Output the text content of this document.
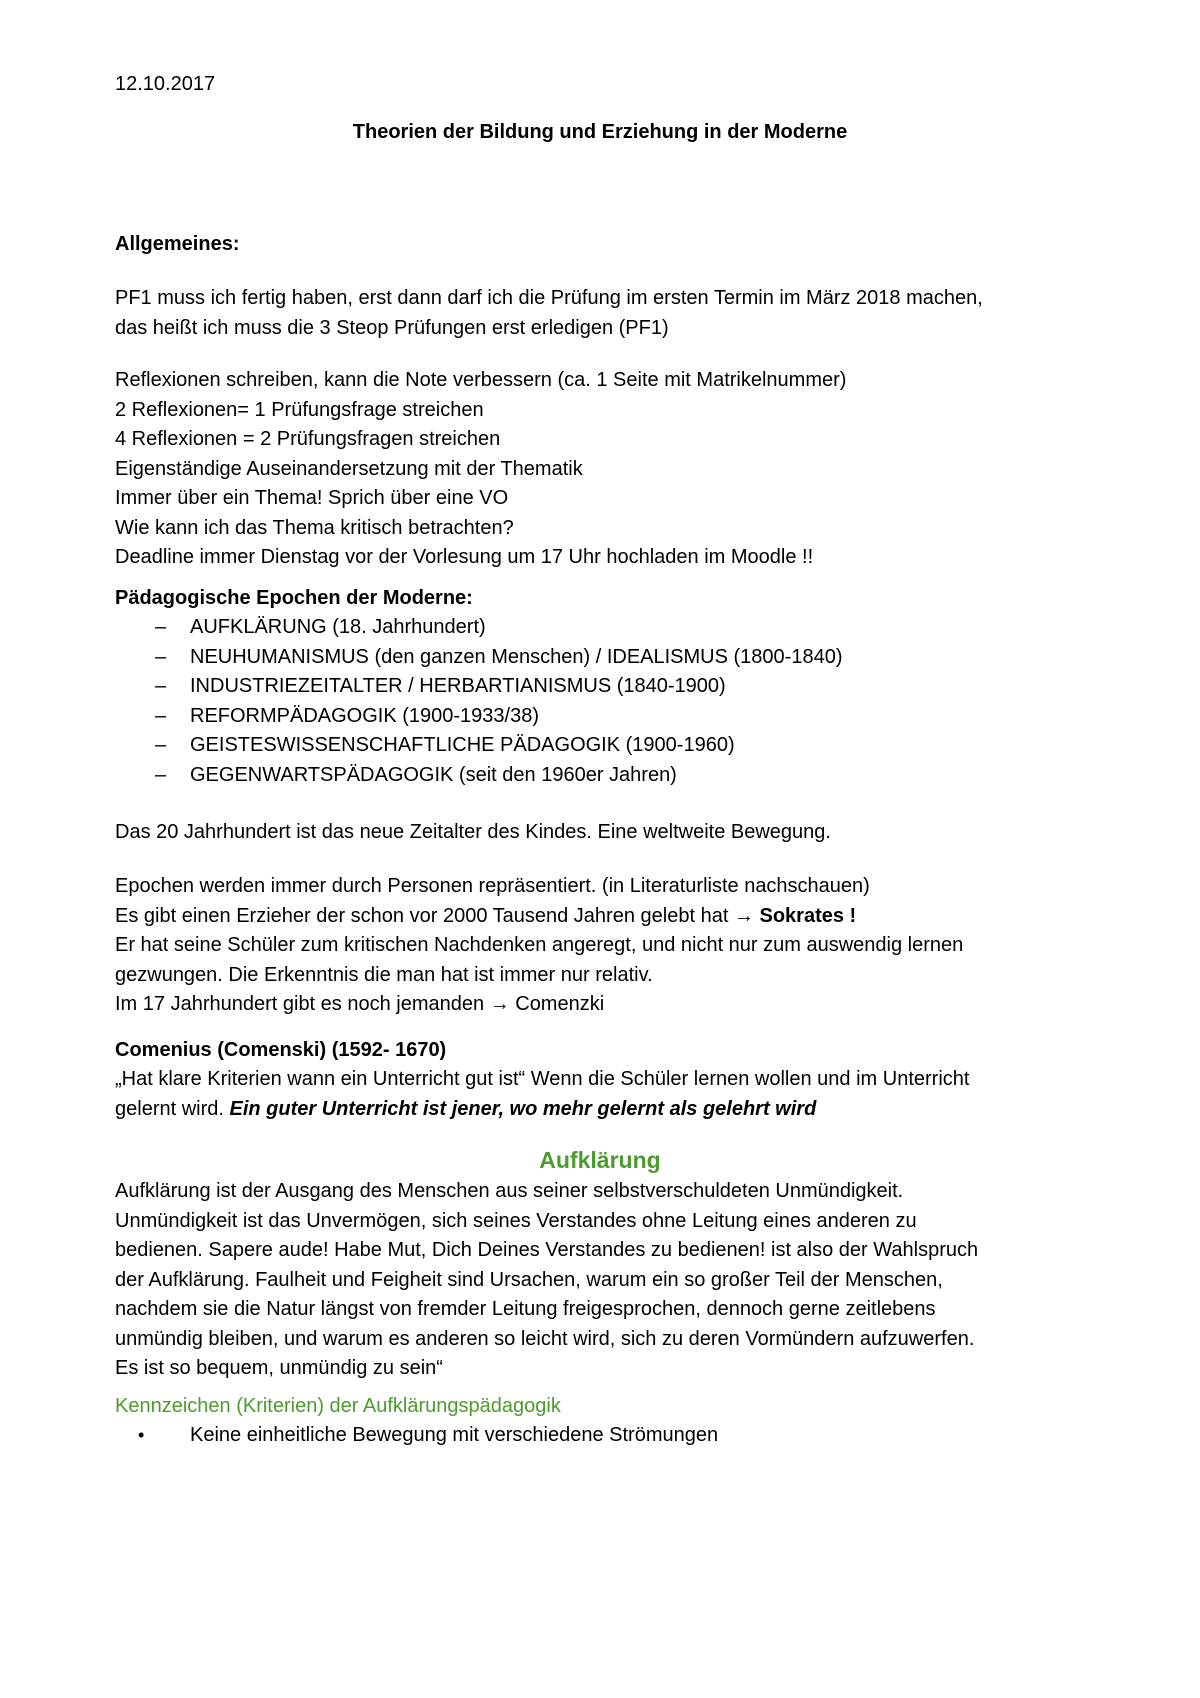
12.10.2017

Theorien der Bildung und Erziehung in der Moderne

Allgemeines:

PF1 muss ich fertig haben, erst dann darf ich die Prüfung im ersten Termin im März 2018 machen,
das heißt ich muss die 3 Steop Prüfungen erst erledigen (PF1)
Reflexionen schreiben, kann die Note verbessern (ca. 1 Seite mit Matrikelnummer)
2 Reflexionen= 1 Prüfungsfrage streichen
4 Reflexionen = 2 Prüfungsfragen streichen
Eigenständige Auseinandersetzung mit der Thematik
Immer über ein Thema! Sprich über eine VO
Wie kann ich das Thema kritisch betrachten?
Deadline immer Dienstag vor der Vorlesung um 17 Uhr hochladen im Moodle !!

Pädagogische Epochen der Moderne:

– AUFKLÄRUNG (18. Jahrhundert)
– NEUHUMANISMUS (den ganzen Menschen) / IDEALISMUS (1800-1840)
– INDUSTRIEZEITALTER / HERBARTIANISMUS (1840-1900)
– REFORMPÄDAGOGIK (1900-1933/38)
– GEISTESWISSENSCHAFTLICHE PÄDAGOGIK (1900-1960)
– GEGENWARTSPÄDAGOGIK (seit den 1960er Jahren)

Das 20 Jahrhundert ist das neue Zeitalter des Kindes. Eine weltweite Bewegung.

Epochen werden immer durch Personen repräsentiert. (in Literaturliste nachschauen)
Es gibt einen Erzieher der schon vor 2000 Tausend Jahren gelebt hat → Sokrates !
Er hat seine Schüler zum kritischen Nachdenken angeregt, und nicht nur zum auswendig lernen
gezwungen. Die Erkenntnis die man hat ist immer nur relativ.
Im 17 Jahrhundert gibt es noch jemanden → Comenzki

Comenius (Comenski) (1592- 1670)

„Hat klare Kriterien wann ein Unterricht gut ist“ Wenn die Schüler lernen wollen und im Unterricht
gelernt wird. Ein guter Unterricht ist jener, wo mehr gelernt als gelehrt wird

Aufklärung

Aufklärung ist der Ausgang des Menschen aus seiner selbstverschuldeten Unmündigkeit.
Unmündigkeit ist das Unvermögen, sich seines Verstandes ohne Leitung eines anderen zu
bedienen. Sapere aude! Habe Mut, Dich Deines Verstandes zu bedienen! ist also der Wahlspruch
der Aufklärung. Faulheit und Feigheit sind Ursachen, warum ein so großer Teil der Menschen,
nachdem sie die Natur längst von fremder Leitung freigesprochen, dennoch gerne zeitlebens
unmündig bleiben, und warum es anderen so leicht wird, sich zu deren Vormündern aufzuwerfen.
Es ist so bequem, unmündig zu sein“

Kennzeichen (Kriterien) der Aufklärungspädagogik

• Keine einheitliche Bewegung mit verschiedene Strömungen
